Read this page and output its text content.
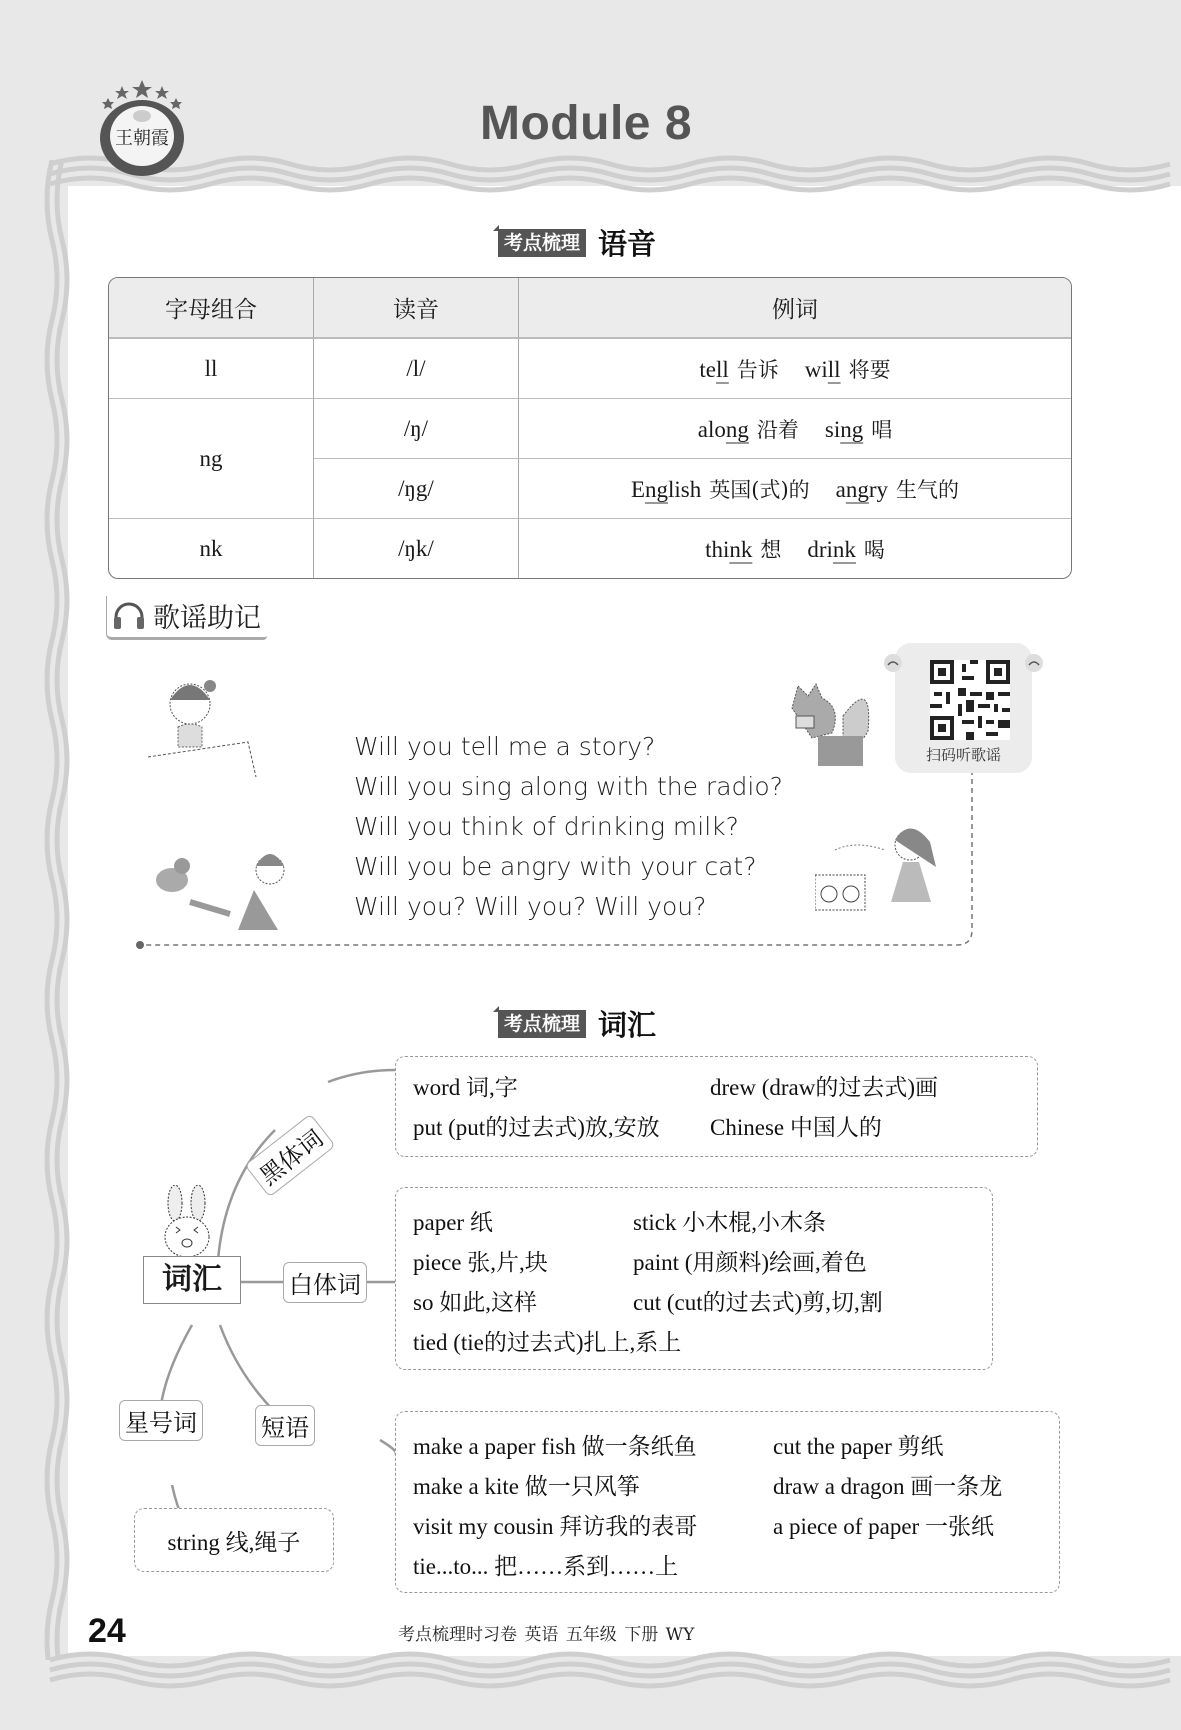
王朝霞	Module 8
考点梳理 语音
字母组合	读音	例词
ll	/l/	tell 告诉 will 将要
ng	/ŋ/	along 沿着 sing 唱
	/ŋg/	English 英国(式)的 angry 生气的
nk	/ŋk/	think 想 drink 喝
歌谣助记
Will you tell me a story?
Will you sing along with the radio?
Will you think of drinking milk?
Will you be angry with your cat?
Will you? Will you? Will you?
扫码听歌谣
考点梳理 词汇
词汇
黑体词
白体词
短语
星号词
word 词,字	drew (draw的过去式)画
put (put的过去式)放,安放	Chinese 中国人的
paper 纸	stick 小木棍,小木条
piece 张,片,块	paint (用颜料)绘画,着色
so 如此,这样	cut (cut的过去式)剪,切,割
tied (tie的过去式)扎上,系上
make a paper fish 做一条纸鱼	cut the paper 剪纸
make a kite 做一只风筝	draw a dragon 画一条龙
visit my cousin 拜访我的表哥	a piece of paper 一张纸
tie...to... 把……系到……上
string 线,绳子
24	考点梳理时习卷 英语 五年级 下册 WY
